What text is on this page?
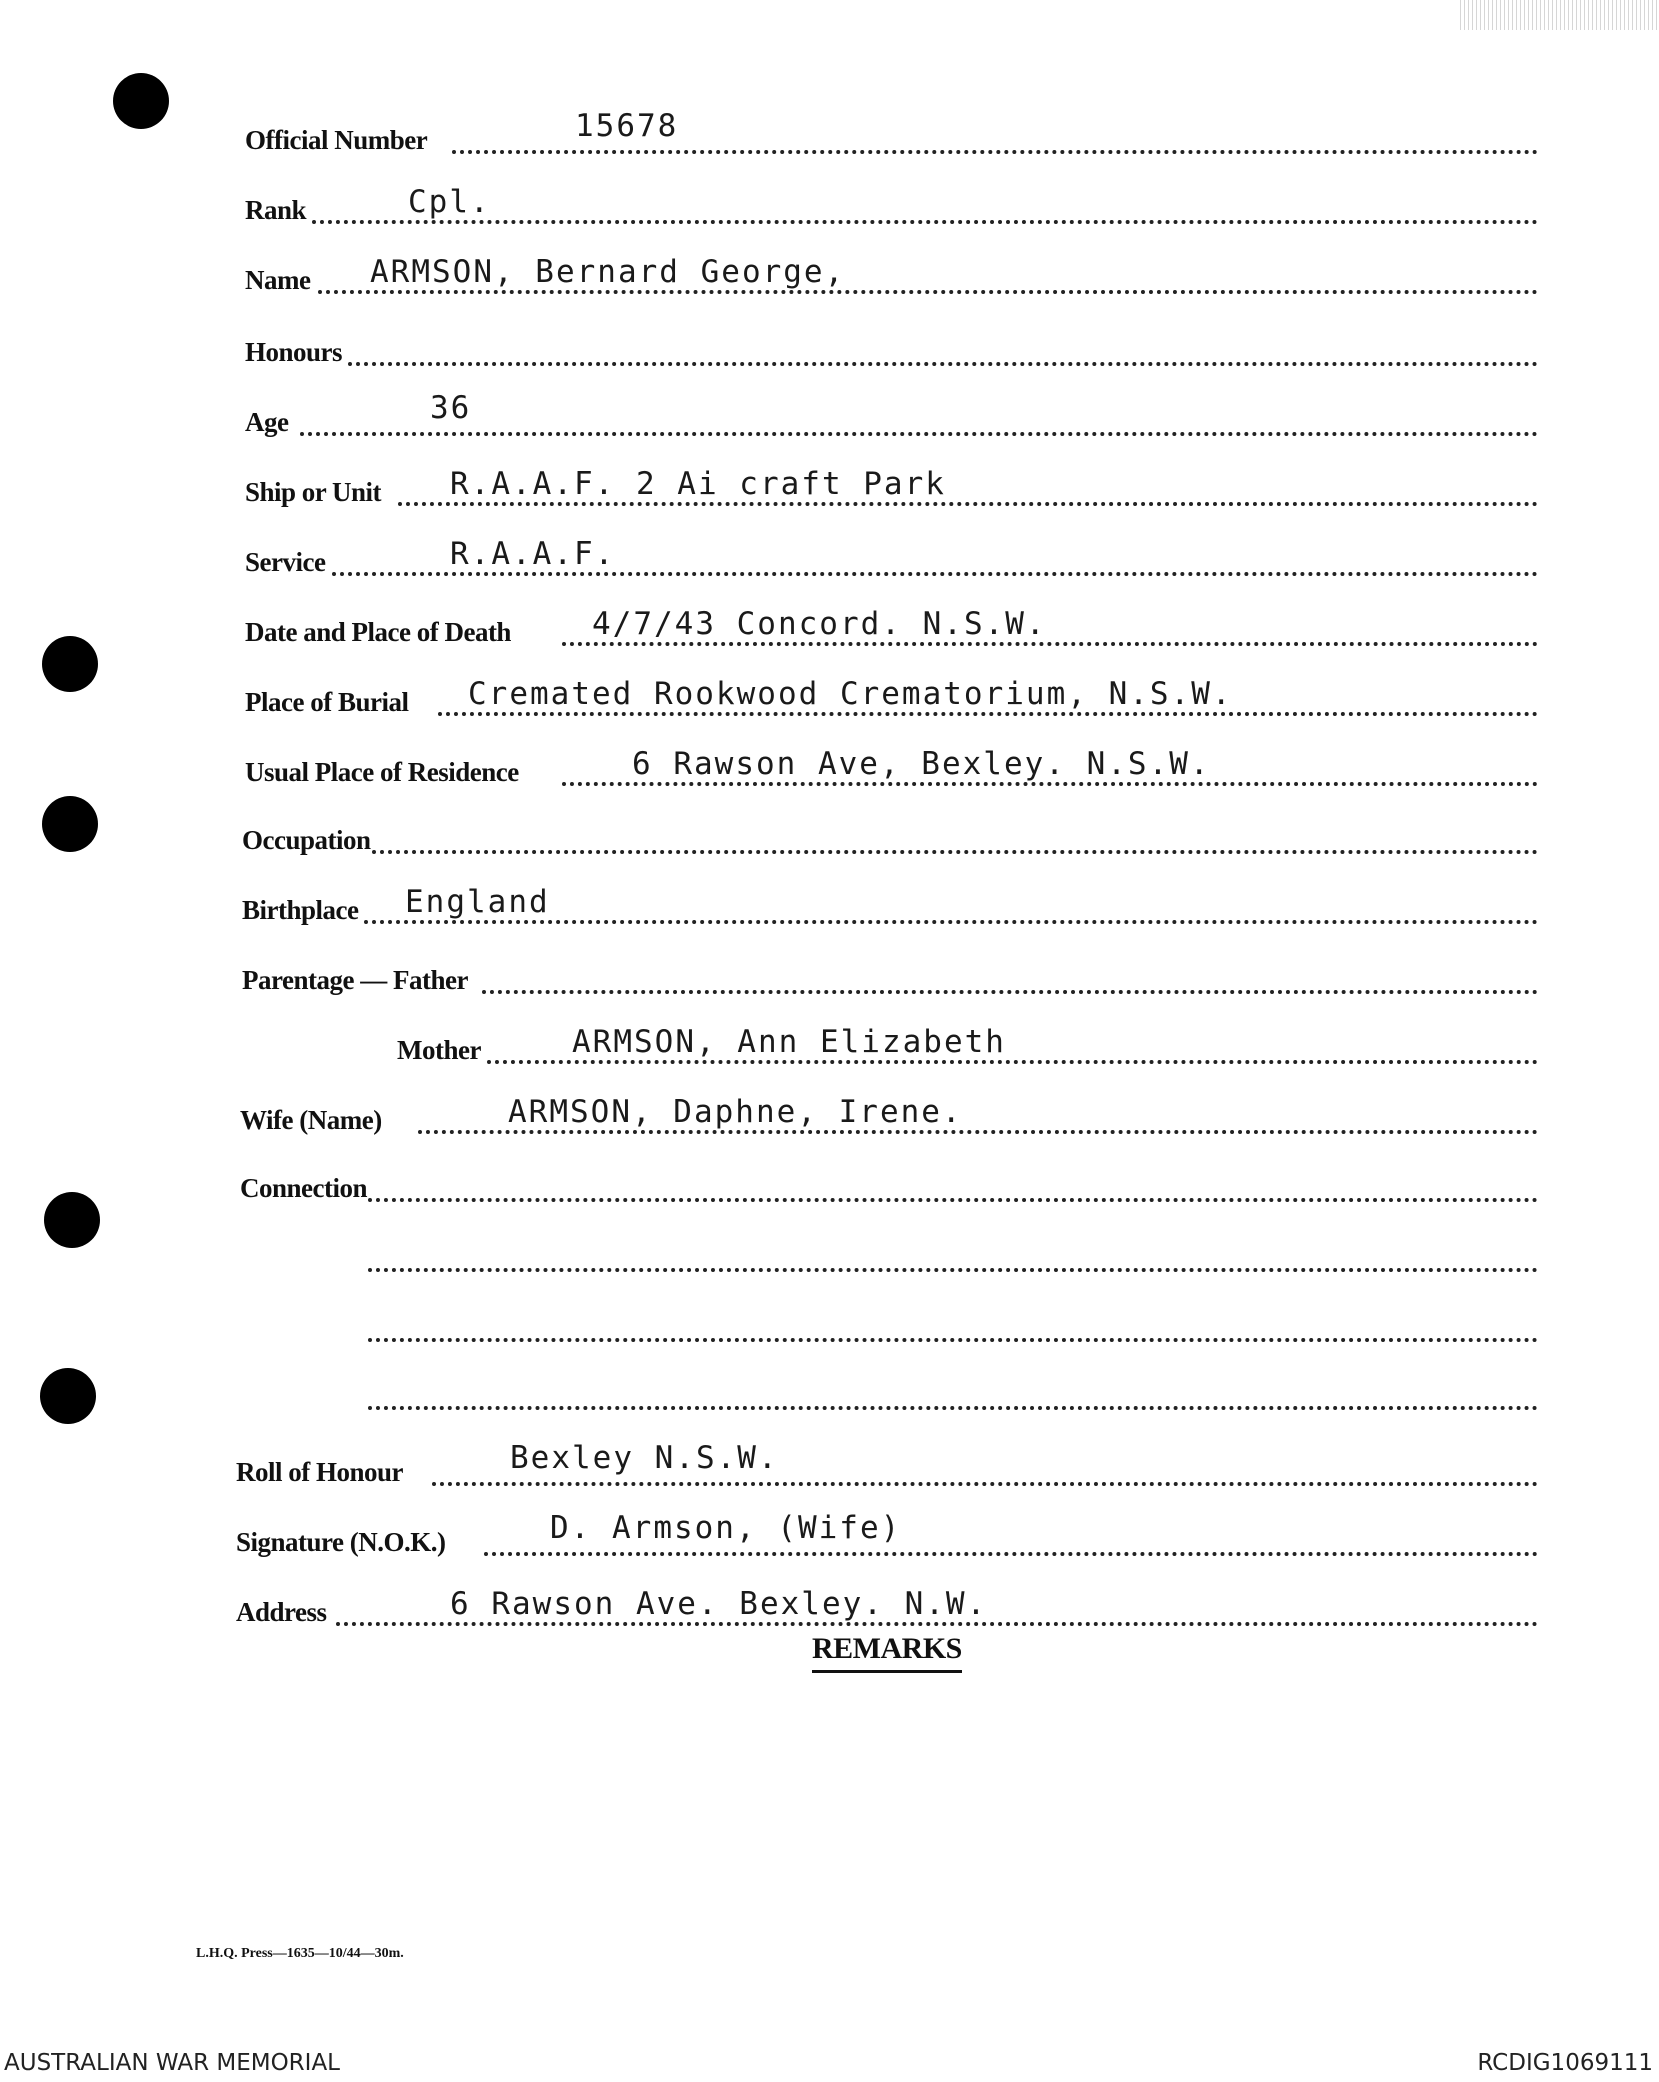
Official Number	15678
Rank	Cpl.
Name ARMSON, Bernard George,
Honours
Age	36
Ship or Unit R.A.A.F. 2 Ai craft Park
Service	R.A.A.F.
Date and Place of Death	4/7/43 Concord. N.S.W.
Place of Burial Cremated Rookwood Crematorium, N.S.W.
Usual Place of Residence	6 Rawson Ave, Bexley. N.S.W.
Occupation
Birthplace England
Parentage — Father
Mother	ARMSON, Ann Elizabeth
Wife (Name)	ARMSON, Daphne, Irene.
Connection
Roll of Honour	Bexley N.S.W.
Signature (N.O.K.)	D. Armson, (Wife)
Address	6 Rawson Ave. Bexley. N.W.
REMARKS
L.H.Q. Press—1635—10/44—30m.
AUSTRALIAN WAR MEMORIAL	RCDIG1069111
